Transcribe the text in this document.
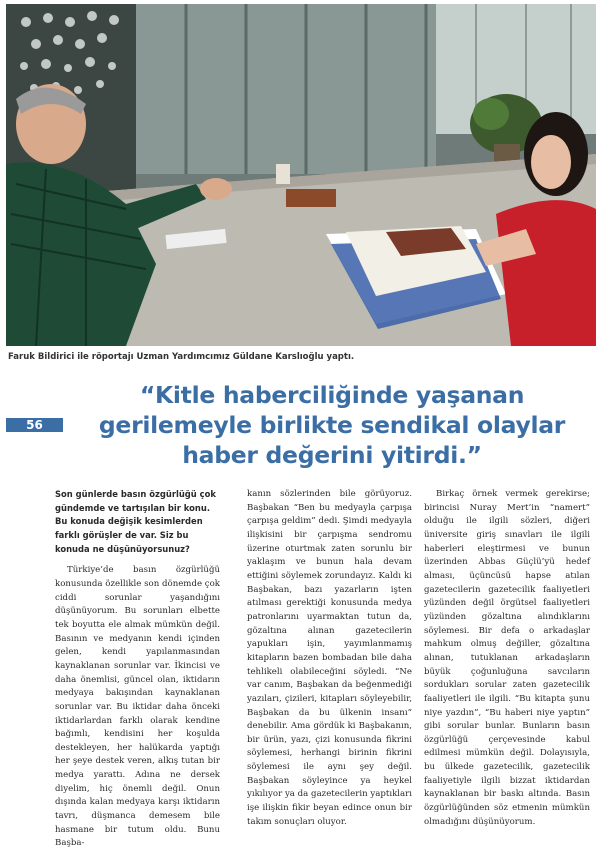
Faruk Bildirici ile röportajı Uzman Yardımcımız Güldane Karslıoğlu yaptı.
56
“Kitle haberciliğinde yaşanan
gerilemeyle birlikte sendikal olaylar
haber değerini yitirdi.”

Son günlerde basın özgürlüğü çok gündemde ve tartışılan bir konu. Bu konuda değişik kesimlerden farklı görüşler de var. Siz bu konuda ne düşünüyorsunuz?

Türkiye’de basın özgürlüğü konusunda özellikle son dönemde çok ciddi sorunlar yaşandığını düşünüyorum. Bu sorunları elbette tek boyutta ele almak mümkün değil. Basının ve medyanın kendi içinden gelen, kendi yapılanmasından kaynaklanan sorunlar var. İkincisi ve daha önemlisi, güncel olan, iktidarın medyaya bakışından kaynaklanan sorunlar var. Bu iktidar daha önceki iktidarlardan farklı olarak kendine bağımlı, kendisini her koşulda destekleyen, her halükarda yaptığı her şeye destek veren, alkış tutan bir medya yarattı. Adına ne dersek diyelim, hiç önemli değil. Onun dışında kalan medyaya karşı iktidarın tavrı, düşmanca demesem bile hasmane bir tutum oldu. Bunu Başba-

kanın sözlerinden bile görüyoruz. Başbakan “Ben bu medyayla çarpışa çarpışa geldim” dedi. Şimdi medyayla ilişkisini bir çarpışma sendromu üzerine oturtmak zaten sorunlu bir yaklaşım ve bunun hala devam ettiğini söylemek zorundayız. Kaldı ki Başbakan, bazı yazarların işten atılması gerektiği konusunda medya patronlarını uyarmaktan tutun da, gözaltına alınan gazetecilerin yapukları işin, yayımlanmamış kitapların bazen bombadan bile daha tehlikeli olabileceğini söyledi. “Ne var canım, Başbakan da beğenmediği yazıları, çizileri, kitapları söyleyebilir, Başbakan da bu ülkenin insanı” denebilir. Ama gördük ki Başbakanın, bir ürün, yazı, çizi konusunda fikrini söylemesi, herhangi birinin fikrini söylemesi ile aynı şey değil. Başbakan söyleyince ya heykel yıkılıyor ya da gazetecilerin yaptıkları işe ilişkin fikir beyan edince onun bir takım sonuçları oluyor.

Birkaç örnek vermek gerekirse; birincisi Nuray Mert’in “namert” olduğu ile ilgili sözleri, diğeri üniversite giriş sınavları ile ilgili haberleri eleştirmesi ve bunun üzerinden Abbas Güçlü’yü hedef alması, üçüncüsü hapse atılan gazetecilerin gazetecilik faaliyetleri yüzünden değil örgütsel faaliyetleri yüzünden gözaltına alındıklarını söylemesi. Bir defa o arkadaşlar mahkum olmuş değiller, gözaltına alınan, tutuklanan arkadaşların büyük çoğunluğuna savcıların sordukları sorular zaten gazetecilik faaliyetleri ile ilgili. “Bu kitapta şunu niye yazdın”, “Bu haberi niye yaptın” gibi sorular bunlar. Bunların basın özgürlüğü çerçevesinde kabul edilmesi mümkün değil. Dolayısıyla, bu ülkede gazetecilik, gazetecilik faaliyetiyle ilgili bizzat iktidardan kaynaklanan bir baskı altında. Basın özgürlüğünden söz etmenin mümkün olmadığını düşünüyorum.
